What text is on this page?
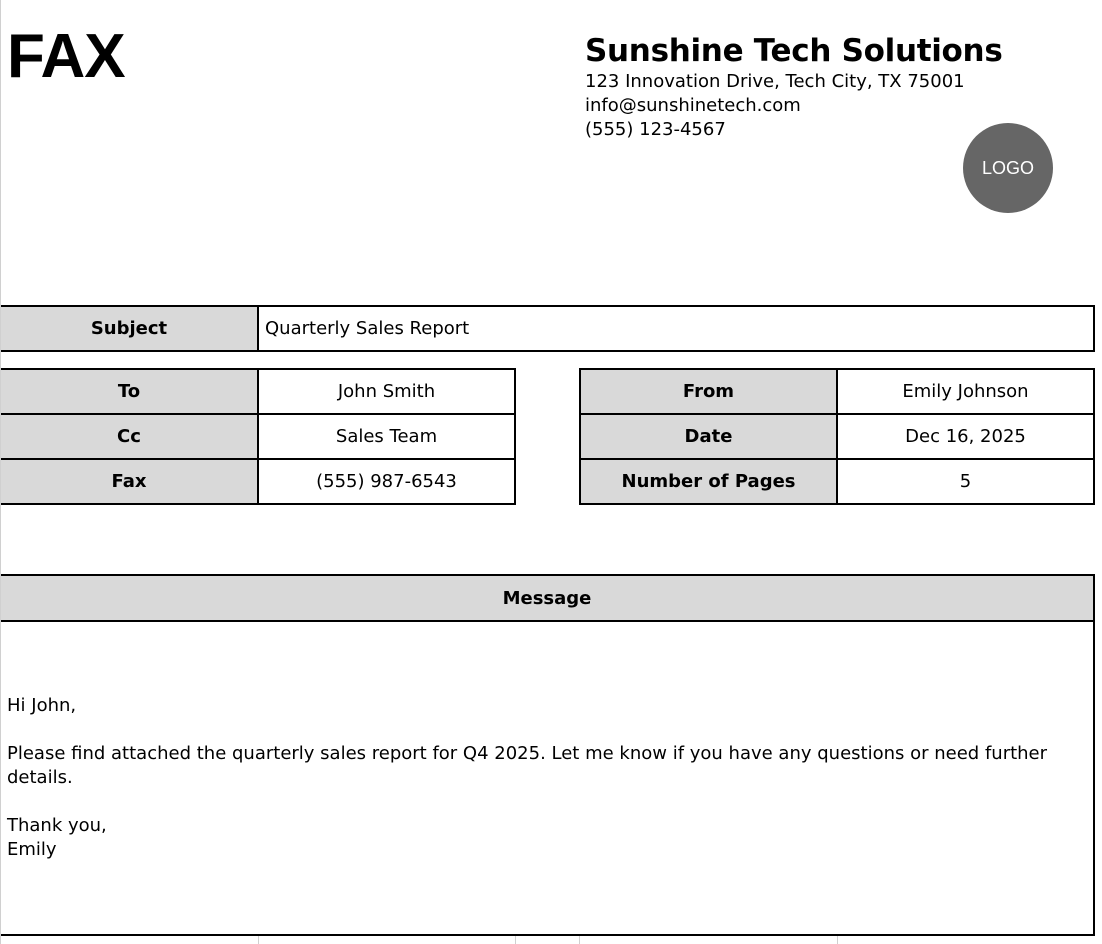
FAX	Sunshine Tech Solutions
123 Innovation Drive, Tech City, TX 75001
info@sunshinetech.com
(555) 123-4567
LOGO
Subject	Quarterly Sales Report
To	John Smith
Cc	Sales Team
Fax	(555) 987-6543
From	Emily Johnson
Date	Dec 16, 2025
Number of Pages	5
Message

Hi John,

Please find attached the quarterly sales report for Q4 2025. Let me know if you have any questions or need further details.

Thank you,

Emily
